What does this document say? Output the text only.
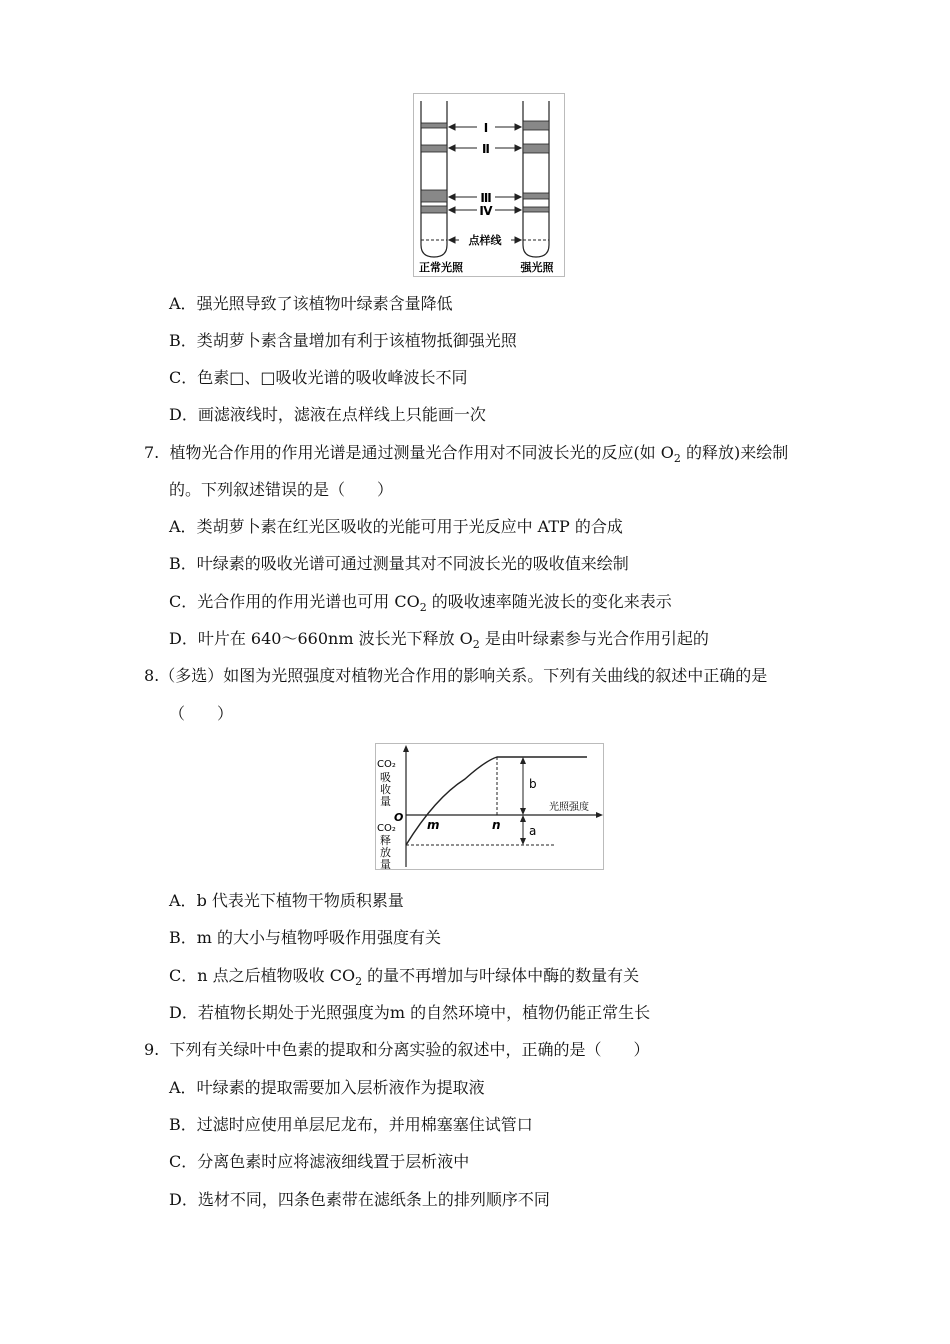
Ⅰ
Ⅱ
Ⅲ
Ⅳ
点样线
正常光照	强光照
A．强光照导致了该植物叶绿素含量降低
B．类胡萝卜素含量增加有利于该植物抵御强光照
C．色素□、□吸收光谱的吸收峰波长不同
D．画滤液线时，滤液在点样线上只能画一次
7. 植物光合作用的作用光谱是通过测量光合作用对不同波长光的反应(如 $O_2$ 的释放)来绘制
的。下列叙述错误的是（　　）
A．类胡萝卜素在红光区吸收的光能可用于光反应中 ATP 的合成
B．叶绿素的吸收光谱可通过测量其对不同波长光的吸收值来绘制
C．光合作用的作用光谱也可用 $CO_2$ 的吸收速率随光波长的变化来表示
D．叶片在 640～660nm 波长光下释放 $O_2$ 是由叶绿素参与光合作用引起的
8.（多选）如图为光照强度对植物光合作用的影响关系。下列有关曲线的叙述中正确的是
（　　）
CO₂
吸
收
量
O
CO₂
释
放
量
光照强度
m	n
b
a
A．b 代表光下植物干物质积累量
B．m 的大小与植物呼吸作用强度有关
C．n 点之后植物吸收 $CO_2$ 的量不再增加与叶绿体中酶的数量有关
D．若植物长期处于光照强度为m 的自然环境中，植物仍能正常生长
9. 下列有关绿叶中色素的提取和分离实验的叙述中，正确的是（　　）
A．叶绿素的提取需要加入层析液作为提取液
B．过滤时应使用单层尼龙布，并用棉塞塞住试管口
C．分离色素时应将滤液细线置于层析液中
D．选材不同，四条色素带在滤纸条上的排列顺序不同
